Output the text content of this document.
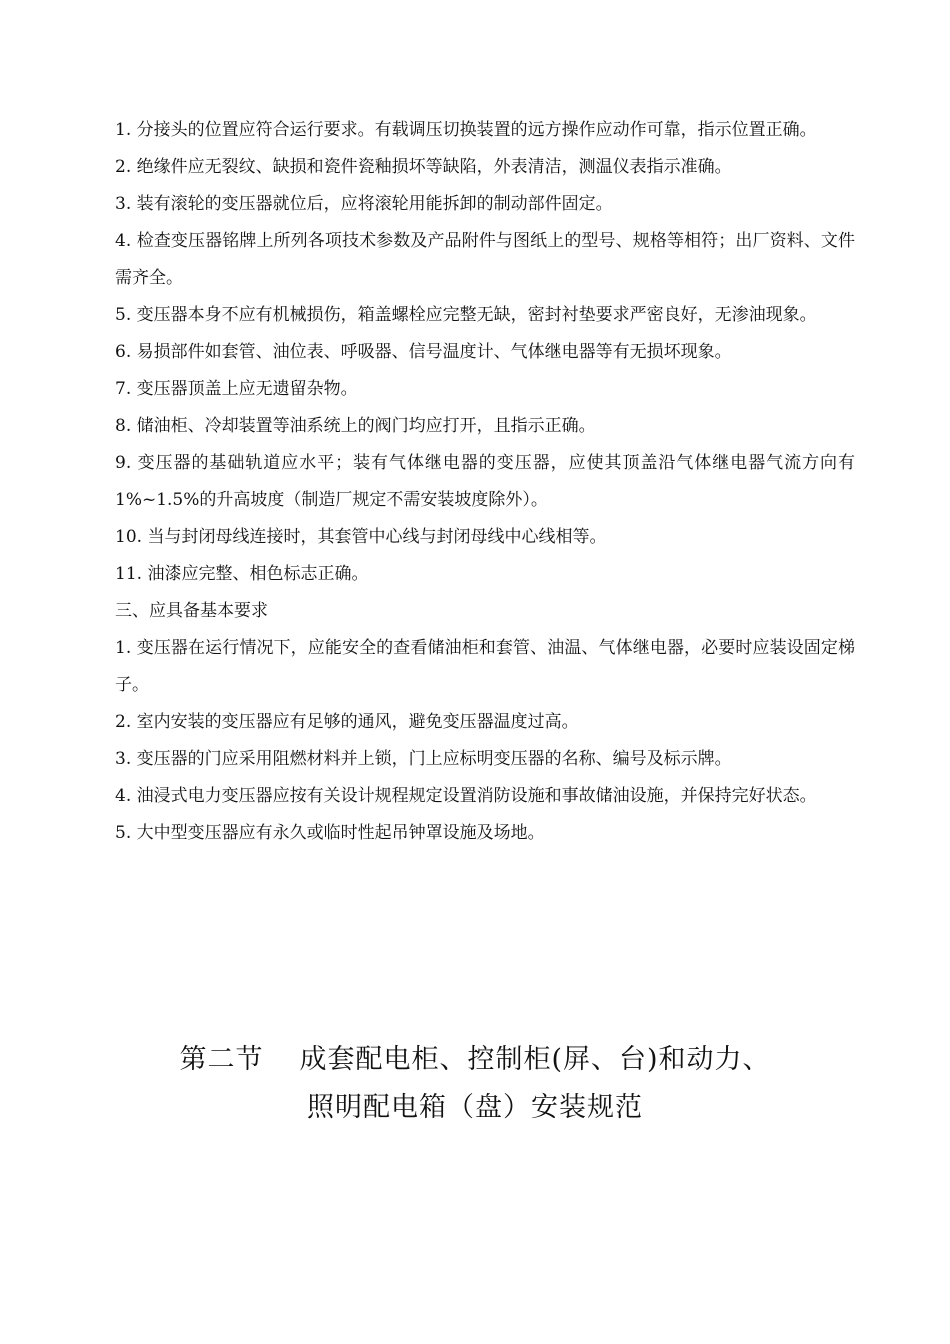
1. 分接头的位置应符合运行要求。有载调压切换装置的远方操作应动作可靠，指示位置正确。

2. 绝缘件应无裂纹、缺损和瓷件瓷釉损坏等缺陷，外表清洁，测温仪表指示准确。

3. 装有滚轮的变压器就位后，应将滚轮用能拆卸的制动部件固定。

4. 检查变压器铭牌上所列各项技术参数及产品附件与图纸上的型号、规格等相符；出厂资料、文件需齐全。

5. 变压器本身不应有机械损伤，箱盖螺栓应完整无缺，密封衬垫要求严密良好，无渗油现象。

6. 易损部件如套管、油位表、呼吸器、信号温度计、气体继电器等有无损坏现象。

7. 变压器顶盖上应无遗留杂物。

8. 储油柜、冷却装置等油系统上的阀门均应打开，且指示正确。

9. 变压器的基础轨道应水平；装有气体继电器的变压器，应使其顶盖沿气体继电器气流方向有 1%~1.5%的升高坡度（制造厂规定不需安装坡度除外）。

10. 当与封闭母线连接时，其套管中心线与封闭母线中心线相等。

11. 油漆应完整、相色标志正确。

三、应具备基本要求

1. 变压器在运行情况下，应能安全的查看储油柜和套管、油温、气体继电器，必要时应装设固定梯子。

2. 室内安装的变压器应有足够的通风，避免变压器温度过高。

3. 变压器的门应采用阻燃材料并上锁，门上应标明变压器的名称、编号及标示牌。

4. 油浸式电力变压器应按有关设计规程规定设置消防设施和事故储油设施，并保持完好状态。

5. 大中型变压器应有永久或临时性起吊钟罩设施及场地。

第二节 成套配电柜、控制柜(屏、台)和动力、
照明配电箱（盘）安装规范
